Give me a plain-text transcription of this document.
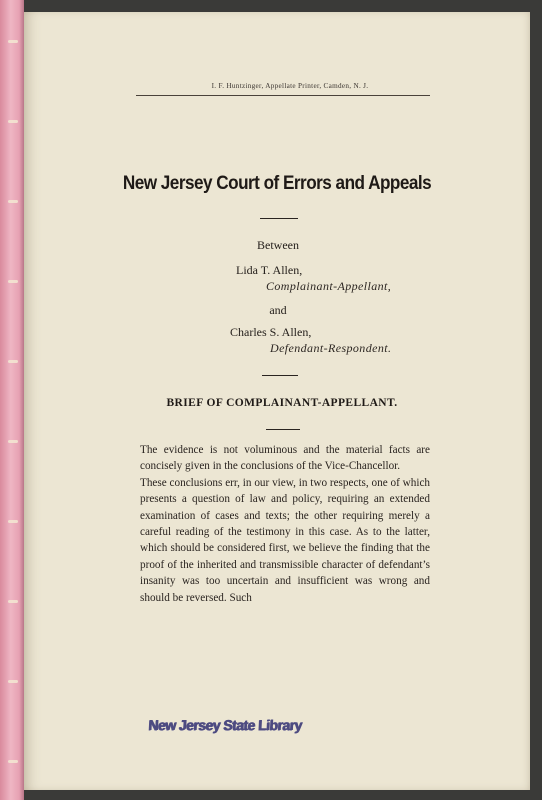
I. F. Huntzinger, Appellate Printer, Camden, N. J.
New Jersey Court of Errors and Appeals
Between
Lida T. Allen,
Complainant-Appellant,
and
Charles S. Allen,
Defendant-Respondent.
BRIEF OF COMPLAINANT-APPELLANT.

The evidence is not voluminous and the material facts are concisely given in the conclusions of the Vice-Chancellor.

These conclusions err, in our view, in two respects, one of which presents a question of law and policy, requiring an extended examination of cases and texts; the other requiring merely a careful reading of the testimony in this case. As to the latter, which should be considered first, we believe the finding that the proof of the inherited and transmissible character of defendant’s insanity was too uncertain and insufficient was wrong and should be reversed. Such

New Jersey State Library
